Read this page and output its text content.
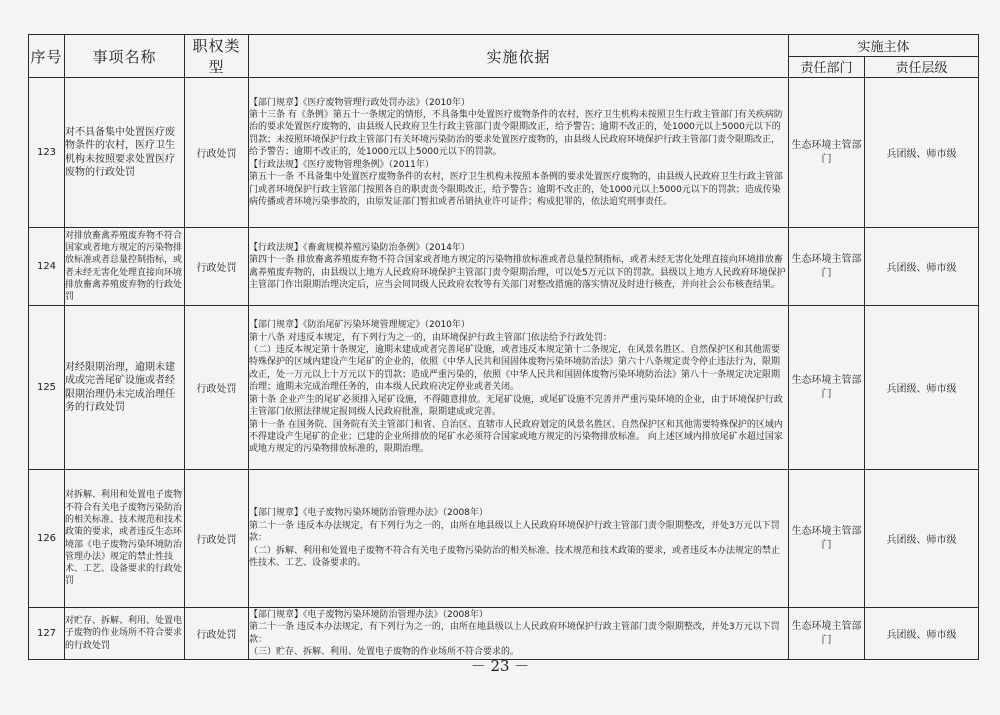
序号	事项名称	职权类型	实施依据	实施主体	
				责任部门	责任层级
123	对不具备集中处置医疗废物条件的农村，医疗卫生机构未按照要求处置医疗废物的行政处罚	行政处罚	【部门规章】《医疗废物管理行政处罚办法》（2010年）

第十三条 有《条例》第五十一条规定的情形，不具备集中处置医疗废物条件的农村，医疗卫生机构未按照卫生行政主管部门有关疾病防治的要求处置医疗废物的，由县级人民政府卫生行政主管部门责令限期改正，给予警告；逾期不改正的，处1000元以上5000元以下的罚款；未按照环境保护行政主管部门有关环境污染防治的要求处置医疗废物的，由县级人民政府环境保护行政主管部门责令限期改正，给予警告；逾期不改正的，处1000元以上5000元以下的罚款。

【行政法规】《医疗废物管理条例》（2011年）

第五十一条 不具备集中处置医疗废物条件的农村，医疗卫生机构未按照本条例的要求处置医疗废物的，由县级人民政府卫生行政主管部门或者环境保护行政主管部门按照各自的职责责令限期改正，给予警告；逾期不改正的，处1000元以上5000元以下的罚款；造成传染病传播或者环境污染事故的，由原发证部门暂扣或者吊销执业许可证件；构成犯罪的，依法追究刑事责任。	生态环境主管部门	兵团级、师市级
124	对排放畜禽养殖废弃物不符合国家或者地方规定的污染物排放标准或者总量控制指标，或者未经无害化处理直接向环境排放畜禽养殖废弃物的行政处罚	行政处罚	【行政法规】《畜禽规模养殖污染防治条例》（2014年）

第四十一条 排放畜禽养殖废弃物不符合国家或者地方规定的污染物排放标准或者总量控制指标，或者未经无害化处理直接向环境排放畜禽养殖废弃物的，由县级以上地方人民政府环境保护主管部门责令限期治理，可以处5万元以下的罚款。县级以上地方人民政府环境保护主管部门作出限期治理决定后，应当会同同级人民政府农牧等有关部门对整改措施的落实情况及时进行核查，并向社会公布核查结果。	生态环境主管部门	兵团级、师市级
125	对经限期治理，逾期未建成或完善尾矿设施或者经限期治理仍未完成治理任务的行政处罚	行政处罚	【部门规章】《防治尾矿污染环境管理规定》（2010年）

第十八条 对违反本规定，有下列行为之一的，由环境保护行政主管部门依法给予行政处罚：

（二）违反本规定第十条规定，逾期未建成或者完善尾矿设施，或者违反本规定第十二条规定，在风景名胜区、自然保护区和其他需要特殊保护的区域内建设产生尾矿的企业的，依照《中华人民共和国固体废物污染环境防治法》第六十八条规定责令停止违法行为，限期改正，处一万元以上十万元以下的罚款；造成严重污染的，依照《中华人民共和国固体废物污染环境防治法》第八十一条规定决定限期治理；逾期未完成治理任务的，由本级人民政府决定停业或者关闭。

第十条 企业产生的尾矿必须排入尾矿设施，不得随意排放。无尾矿设施，或尾矿设施不完善并严重污染环境的企业，由于环境保护行政主管部门依照法律规定报同级人民政府批准，限期建成或完善。

第十一条 在国务院、国务院有关主管部门和省、自治区、直辖市人民政府划定的风景名胜区、自然保护区和其他需要特殊保护的区域内不得建设产生尾矿的企业；已建的企业所排放的尾矿水必须符合国家或地方规定的污染物排放标准。 向上述区域内排放尾矿水超过国家或地方规定的污染物排放标准的，限期治理。	生态环境主管部门	兵团级、师市级
126	对拆解、利用和处置电子废物不符合有关电子废物污染防治的相关标准、技术规范和技术政策的要求，或者违反生态环境部《电子废物污染环境防治管理办法》规定的禁止性技术、工艺、设备要求的行政处罚	行政处罚	【部门规章】《电子废物污染环境防治管理办法》（2008年）

第二十一条 违反本办法规定，有下列行为之一的，由所在地县级以上人民政府环境保护行政主管部门责令限期整改，并处3万元以下罚款：

（二）拆解、利用和处置电子废物不符合有关电子废物污染防治的相关标准、技术规范和技术政策的要求，或者违反本办法规定的禁止性技术、工艺、设备要求的。	生态环境主管部门	兵团级、师市级
127	对贮存、拆解、利用、处置电子废物的作业场所不符合要求的行政处罚	行政处罚	【部门规章】《电子废物污染环境防治管理办法》（2008年）

第二十一条 违反本办法规定，有下列行为之一的，由所在地县级以上人民政府环境保护行政主管部门责令限期整改，并处3万元以下罚款：

（三）贮存、拆解、利用、处置电子废物的作业场所不符合要求的。	生态环境主管部门	兵团级、师市级
－ 23 －
